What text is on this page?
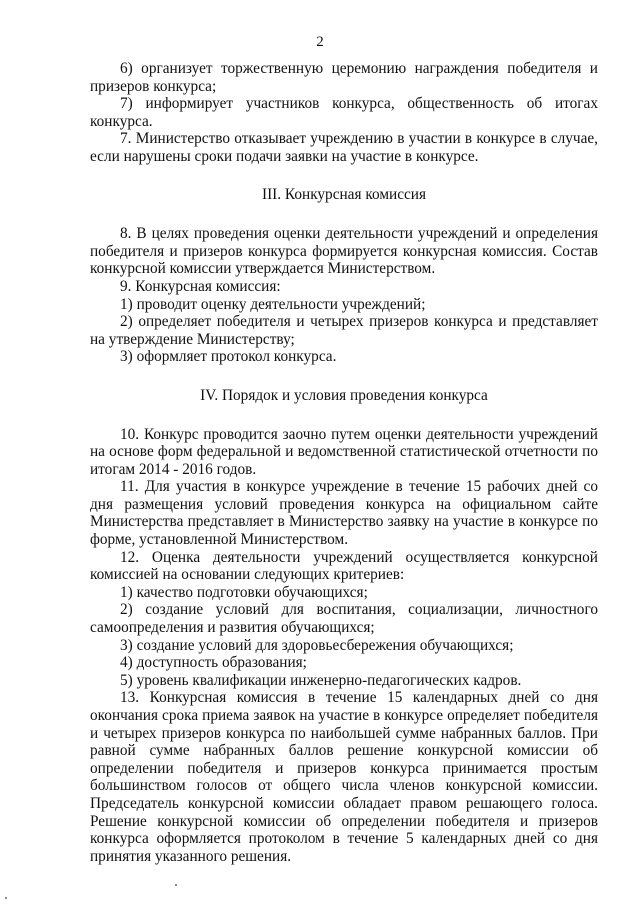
2

6) организует торжественную церемонию награждения победителя и призеров конкурса;

7) информирует участников конкурса, общественность об итогах конкурса.

7. Министерство отказывает учреждению в участии в конкурсе в случае, если нарушены сроки подачи заявки на участие в конкурсе.

III. Конкурсная комиссия

8. В целях проведения оценки деятельности учреждений и определения победителя и призеров конкурса формируется конкурсная комиссия. Состав конкурсной комиссии утверждается Министерством.

9. Конкурсная комиссия:

1) проводит оценку деятельности учреждений;

2) определяет победителя и четырех призеров конкурса и представляет на утверждение Министерству;

3) оформляет протокол конкурса.

IV. Порядок и условия проведения конкурса

10. Конкурс проводится заочно путем оценки деятельности учреждений на основе форм федеральной и ведомственной статистической отчетности по итогам 2014 - 2016 годов.

11. Для участия в конкурсе учреждение в течение 15 рабочих дней со дня размещения условий проведения конкурса на официальном сайте Министерства представляет в Министерство заявку на участие в конкурсе по форме, установленной Министерством.

12. Оценка деятельности учреждений осуществляется конкурсной комиссией на основании следующих критериев:

1) качество подготовки обучающихся;

2) создание условий для воспитания, социализации, личностного самоопределения и развития обучающихся;

3) создание условий для здоровьесбережения обучающихся;

4) доступность образования;

5) уровень квалификации инженерно-педагогических кадров.

13. Конкурсная комиссия в течение 15 календарных дней со дня окончания срока приема заявок на участие в конкурсе определяет победителя и четырех призеров конкурса по наибольшей сумме набранных баллов. При равной сумме набранных баллов решение конкурсной комиссии об определении победителя и призеров конкурса принимается простым большинством голосов от общего числа членов конкурсной комиссии. Председатель конкурсной комиссии обладает правом решающего голоса. Решение конкурсной комиссии об определении победителя и призеров конкурса оформляется протоколом в течение 5 календарных дней со дня принятия указанного решения.
